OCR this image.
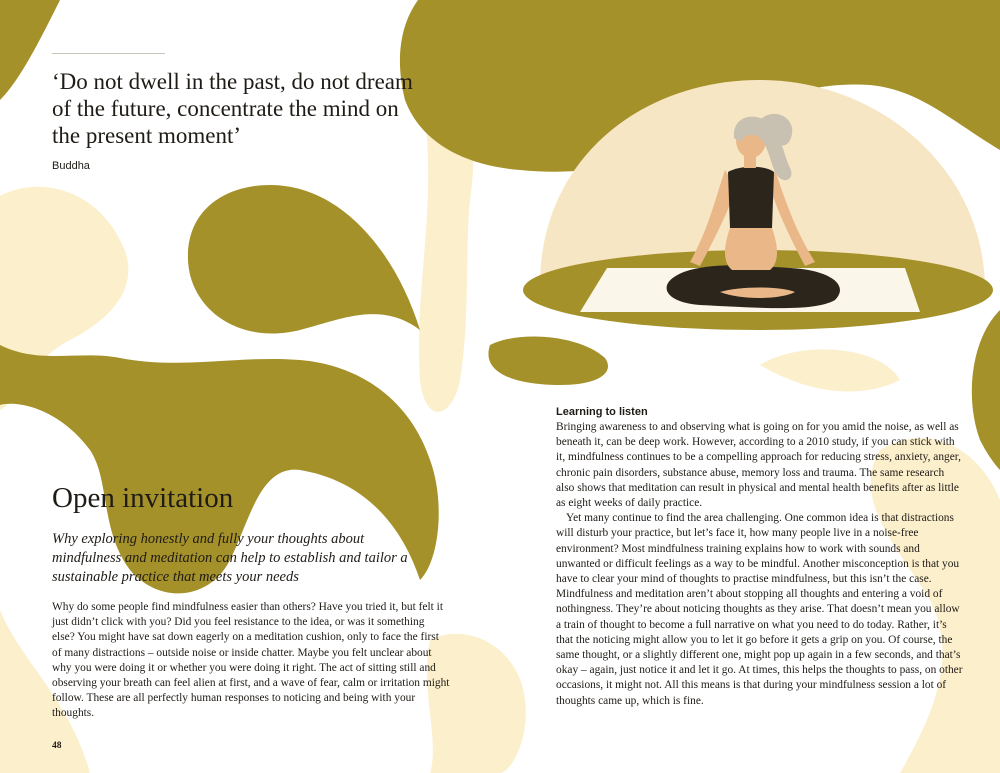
‘Do not dwell in the past, do not dream of the future, concentrate the mind on the present moment’
Buddha
Open invitation

Why exploring honestly and fully your thoughts about mindfulness and meditation can help to establish and tailor a sustainable practice that meets your needs

Why do some people find mindfulness easier than others? Have you tried it, but felt it just didn’t click with you? Did you feel resistance to the idea, or was it something else? You might have sat down eagerly on a meditation cushion, only to face the first of many distractions – outside noise or inside chatter. Maybe you felt unclear about why you were doing it or whether you were doing it right. The act of sitting still and observing your breath can feel alien at first, and a wave of fear, calm or irritation might follow. These are all perfectly human responses to noticing and being with your thoughts.

48
Learning to listen

Bringing awareness to and observing what is going on for you amid the noise, as well as beneath it, can be deep work. However, according to a 2010 study, if you can stick with it, mindfulness continues to be a compelling approach for reducing stress, anxiety, anger, chronic pain disorders, substance abuse, memory loss and trauma. The same research also shows that meditation can result in physical and mental health benefits after as little as eight weeks of daily practice.

Yet many continue to find the area challenging. One common idea is that distractions will disturb your practice, but let’s face it, how many people live in a noise-free environment? Most mindfulness training explains how to work with sounds and unwanted or difficult feelings as a way to be mindful. Another misconception is that you have to clear your mind of thoughts to practise mindfulness, but this isn’t the case. Mindfulness and meditation aren’t about stopping all thoughts and entering a void of nothingness. They’re about noticing thoughts as they arise. That doesn’t mean you allow a train of thought to become a full narrative on what you need to do today. Rather, it’s that the noticing might allow you to let it go before it gets a grip on you. Of course, the same thought, or a slightly different one, might pop up again in a few seconds, and that’s okay – again, just notice it and let it go. At times, this helps the thoughts to pass, on other occasions, it might not. All this means is that during your mindfulness session a lot of thoughts came up, which is fine.
